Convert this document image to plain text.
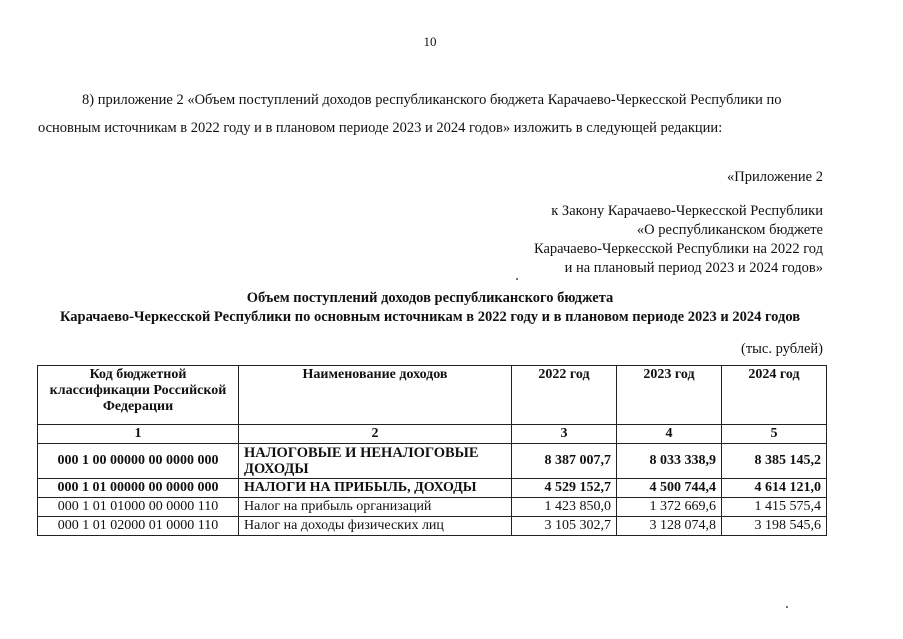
10
8) приложение 2 «Объем поступлений доходов республиканского бюджета Карачаево-Черкесской Республики по
основным источникам в 2022 году и в плановом периоде 2023 и 2024 годов» изложить в следующей редакции:
«Приложение 2
к Закону Карачаево-Черкесской Республики
«О республиканском бюджете
Карачаево-Черкесской Республики на 2022 год
и на плановый период 2023 и 2024 годов»
Объем поступлений доходов республиканского бюджета
Карачаево-Черкесской Республики по основным источникам в 2022 году и в плановом периоде 2023 и 2024 годов
(тыс. рублей)
Код бюджетной классификации Российской Федерации	Наименование доходов	2022 год	2023 год	2024 год
1	2	3	4	5
000 1 00 00000 00 0000 000	НАЛОГОВЫЕ И НЕНАЛОГОВЫЕ ДОХОДЫ	8 387 007,7	8 033 338,9	8 385 145,2
000 1 01 00000 00 0000 000	НАЛОГИ НА ПРИБЫЛЬ, ДОХОДЫ	4 529 152,7	4 500 744,4	4 614 121,0
000 1 01 01000 00 0000 110	Налог на прибыль организаций	1 423 850,0	1 372 669,6	1 415 575,4
000 1 01 02000 01 0000 110	Налог на доходы физических лиц	3 105 302,7	3 128 074,8	3 198 545,6
